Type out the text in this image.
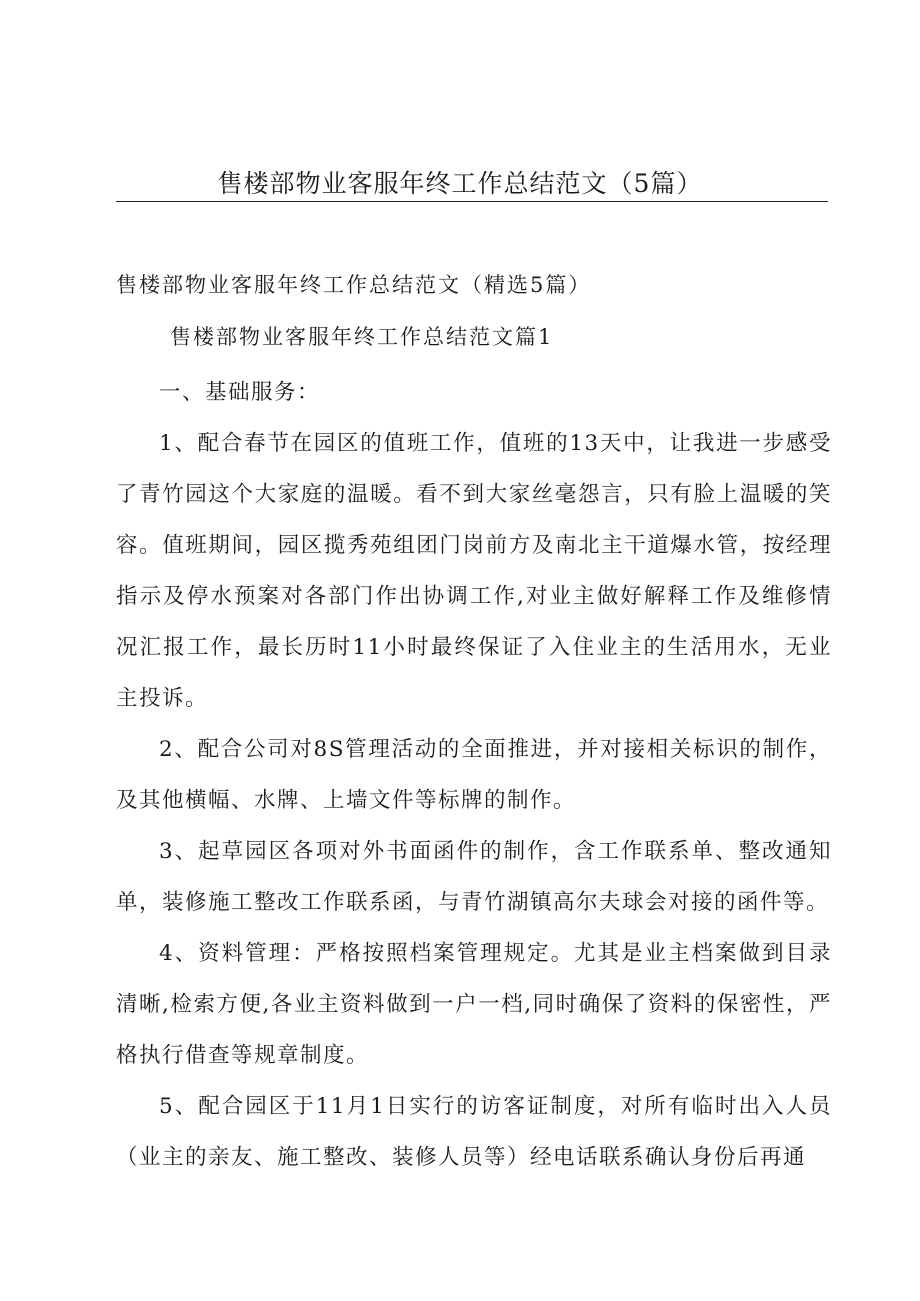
售楼部物业客服年终工作总结范文（5篇）
售楼部物业客服年终工作总结范文（精选5篇）
售楼部物业客服年终工作总结范文篇1

一、基础服务：

1、配合春节在园区的值班工作，值班的13天中，让我进一步感受了青竹园这个大家庭的温暖。看不到大家丝毫怨言，只有脸上温暖的笑容。值班期间，园区揽秀苑组团门岗前方及南北主干道爆水管，按经理指示及停水预案对各部门作出协调工作,对业主做好解释工作及维修情况汇报工作，最长历时11小时最终保证了入住业主的生活用水，无业主投诉。

2、配合公司对8S管理活动的全面推进，并对接相关标识的制作，及其他横幅、水牌、上墙文件等标牌的制作。

3、起草园区各项对外书面函件的制作，含工作联系单、整改通知单，装修施工整改工作联系函，与青竹湖镇高尔夫球会对接的函件等。

4、资料管理：严格按照档案管理规定。尤其是业主档案做到目录清晰,检索方便,各业主资料做到一户一档,同时确保了资料的保密性，严格执行借查等规章制度。

5、配合园区于11月1日实行的访客证制度，对所有临时出入人员（业主的亲友、施工整改、装修人员等）经电话联系确认身份后再通
